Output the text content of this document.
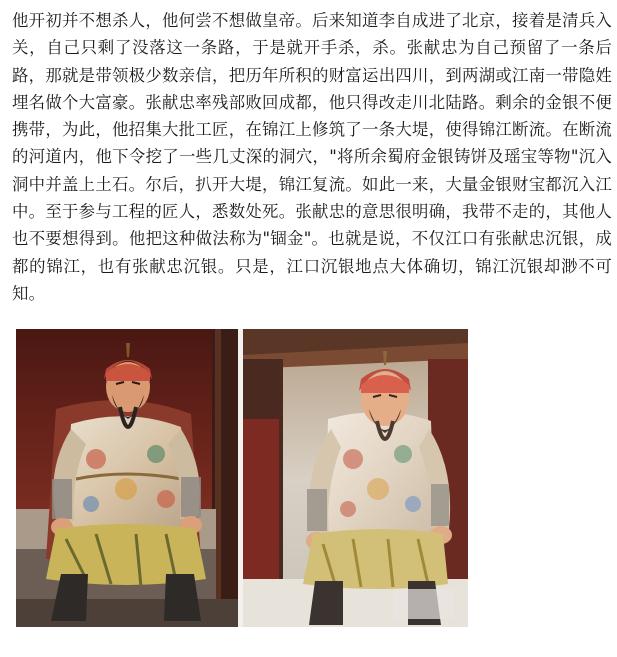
他开初并不想杀人，他何尝不想做皇帝。后来知道李自成进了北京，接着是清兵入关，自己只剩了没落这一条路，于是就开手杀，杀。张献忠为自己预留了一条后路，那就是带领极少数亲信，把历年所积的财富运出四川，到两湖或江南一带隐姓埋名做个大富豪。张献忠率残部败回成都，他只得改走川北陆路。剩余的金银不便携带，为此，他招集大批工匠，在锦江上修筑了一条大堤，使得锦江断流。在断流的河道内，他下令挖了一些几丈深的洞穴，"将所余蜀府金银铸饼及瑶宝等物"沉入洞中并盖上土石。尔后，扒开大堤，锦江复流。如此一来，大量金银财宝都沉入江中。至于参与工程的匠人，悉数处死。张献忠的意思很明确，我带不走的，其他人也不要想得到。他把这种做法称为"锢金"。也就是说，不仅江口有张献忠沉银，成都的锦江，也有张献忠沉银。只是，江口沉银地点大体确切，锦江沉银却渺不可知。
